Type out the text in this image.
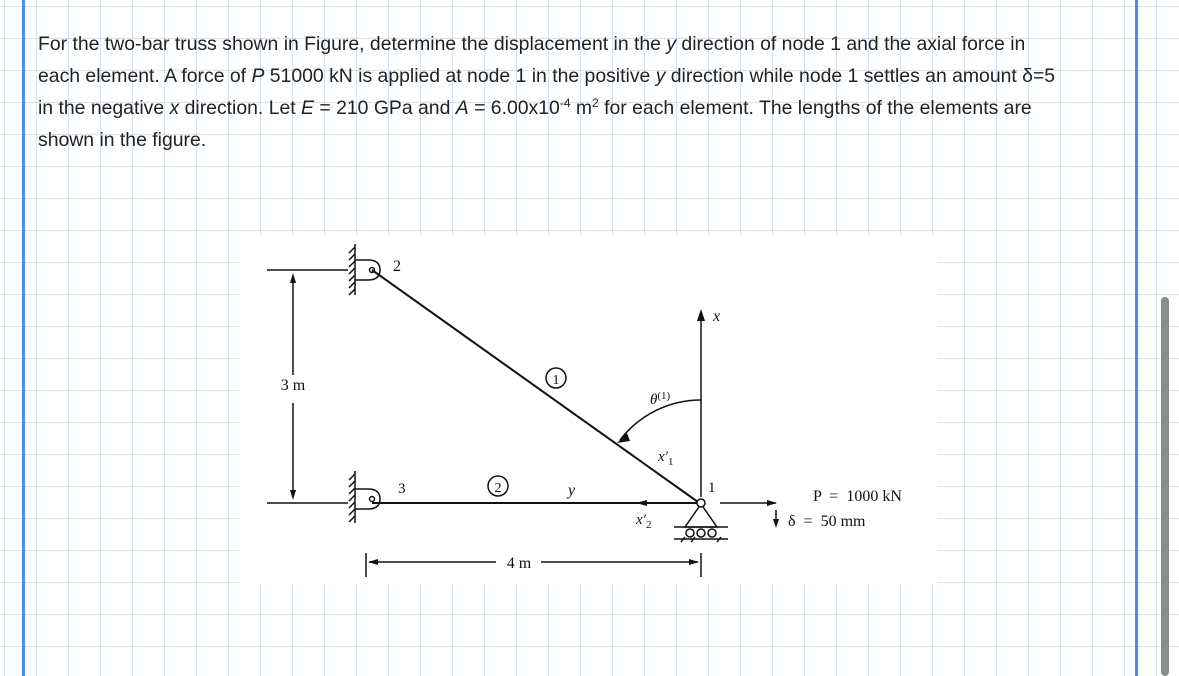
For the two-bar truss shown in Figure, determine the displacement in the y direction of node 1 and the axial force in
each element. A force of P 51000 kN is applied at node 1 in the positive y direction while node 1 settles an amount δ=5
in the negative x direction. Let E = 210 GPa and $A = 6.00x10^{-4}$ $m^2$ for each element. The lengths of the elements are
shown in the figure.
2
3	1
1
2
3 m
4 m
x
y
$\theta^{(1)}$
$x'_1$
$x'_2$
P  =  1000 kN
δ  =  50 mm
